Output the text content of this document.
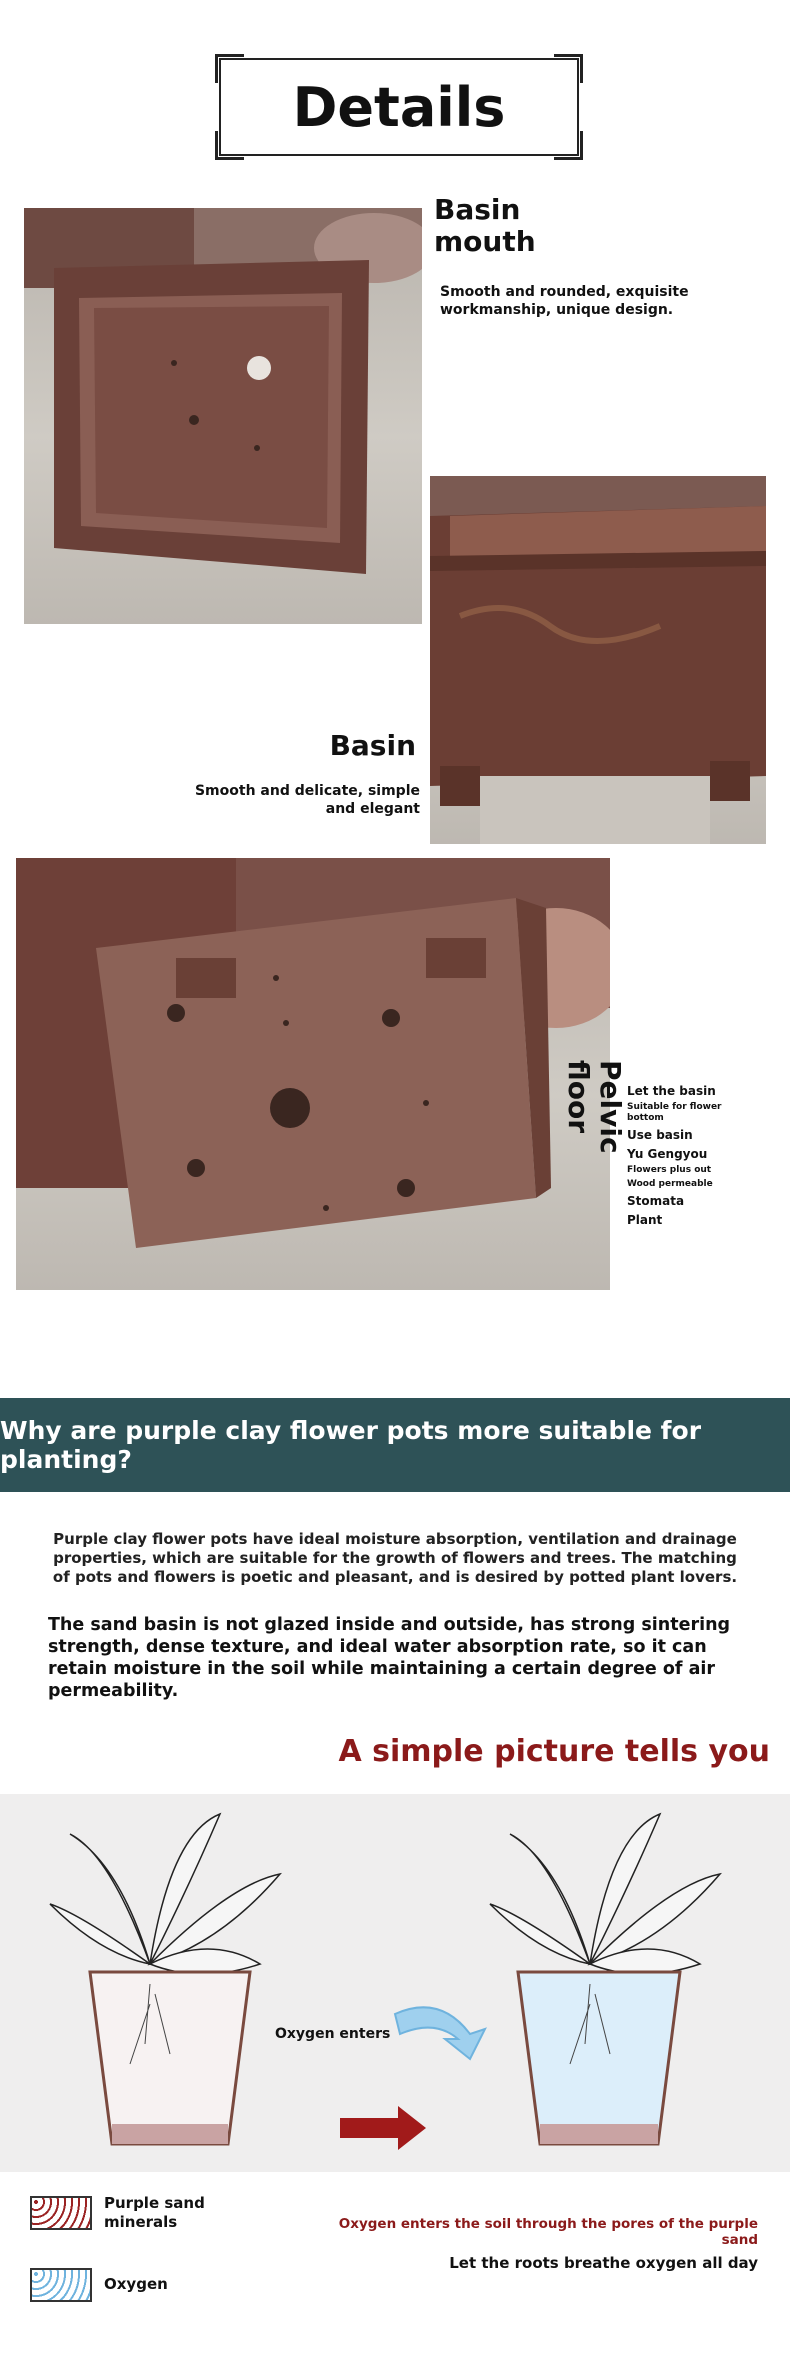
Details
Basin
mouth
Smooth and rounded, exquisite
workmanship, unique design.
Basin
Smooth and delicate, simple
and elegant
Pelvic
floor	Let the basin
Suitable for flower bottom
Use basin
Yu Gengyou
Flowers plus out
Wood permeable
Stomata
Plant
Why are purple clay flower pots more suitable for planting?
Purple clay flower pots have ideal moisture absorption, ventilation and drainage properties, which are suitable for the growth of flowers and trees. The matching of pots and flowers is poetic and pleasant, and is desired by potted plant lovers.
The sand basin is not glazed inside and outside, has strong sintering strength, dense texture, and ideal water absorption rate, so it can retain moisture in the soil while maintaining a certain degree of air permeability.
A simple picture tells you
Oxygen enters
Purple sand
minerals
Oxygen
Oxygen enters the soil through the pores of the purple sand
Let the roots breathe oxygen all day
